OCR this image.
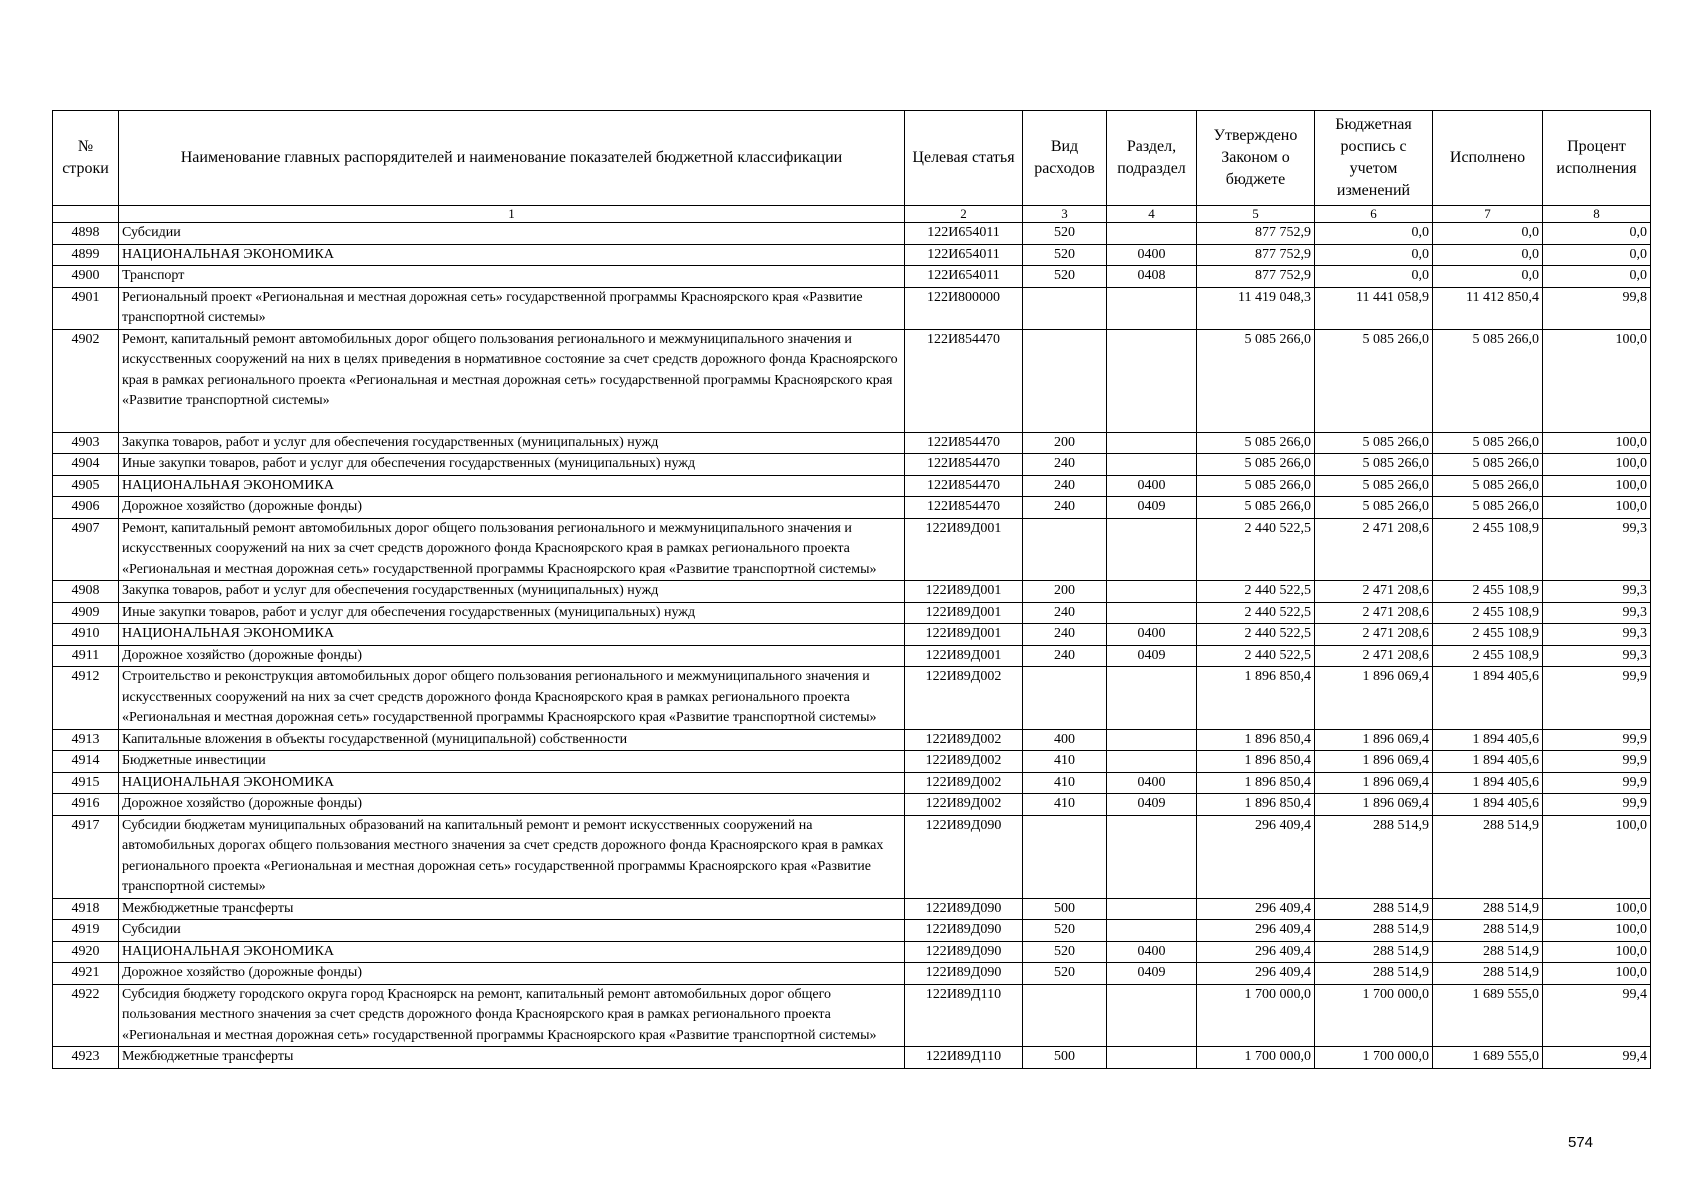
№ строки	Наименование главных распорядителей и наименование показателей бюджетной классификации	Целевая статья	Вид расходов	Раздел, подраздел	Утверждено Законом о бюджете	Бюджетная роспись с учетом изменений	Исполнено	Процент исполнения
	1	2	3	4	5	6	7	8
4898	Субсидии	122И654011	520		877 752,9	0,0	0,0	0,0
4899	НАЦИОНАЛЬНАЯ ЭКОНОМИКА	122И654011	520	0400	877 752,9	0,0	0,0	0,0
4900	Транспорт	122И654011	520	0408	877 752,9	0,0	0,0	0,0
4901	Региональный проект «Региональная и местная дорожная сеть» государственной программы Красноярского края «Развитие транспортной системы»	122И800000			11 419 048,3	11 441 058,9	11 412 850,4	99,8
4902	Ремонт, капитальный ремонт автомобильных дорог общего пользования регионального и межмуниципального значения и искусственных сооружений на них в целях приведения в нормативное состояние за счет средств дорожного фонда Красноярского края в рамках регионального проекта «Региональная и местная дорожная сеть» государственной программы Красноярского края «Развитие транспортной системы»	122И854470			5 085 266,0	5 085 266,0	5 085 266,0	100,0
4903	Закупка товаров, работ и услуг для обеспечения государственных (муниципальных) нужд	122И854470	200		5 085 266,0	5 085 266,0	5 085 266,0	100,0
4904	Иные закупки товаров, работ и услуг для обеспечения государственных (муниципальных) нужд	122И854470	240		5 085 266,0	5 085 266,0	5 085 266,0	100,0
4905	НАЦИОНАЛЬНАЯ ЭКОНОМИКА	122И854470	240	0400	5 085 266,0	5 085 266,0	5 085 266,0	100,0
4906	Дорожное хозяйство (дорожные фонды)	122И854470	240	0409	5 085 266,0	5 085 266,0	5 085 266,0	100,0
4907	Ремонт, капитальный ремонт автомобильных дорог общего пользования регионального и межмуниципального значения и искусственных сооружений на них за счет средств дорожного фонда Красноярского края в рамках регионального проекта «Региональная и местная дорожная сеть» государственной программы Красноярского края «Развитие транспортной системы»	122И89Д001			2 440 522,5	2 471 208,6	2 455 108,9	99,3
4908	Закупка товаров, работ и услуг для обеспечения государственных (муниципальных) нужд	122И89Д001	200		2 440 522,5	2 471 208,6	2 455 108,9	99,3
4909	Иные закупки товаров, работ и услуг для обеспечения государственных (муниципальных) нужд	122И89Д001	240		2 440 522,5	2 471 208,6	2 455 108,9	99,3
4910	НАЦИОНАЛЬНАЯ ЭКОНОМИКА	122И89Д001	240	0400	2 440 522,5	2 471 208,6	2 455 108,9	99,3
4911	Дорожное хозяйство (дорожные фонды)	122И89Д001	240	0409	2 440 522,5	2 471 208,6	2 455 108,9	99,3
4912	Строительство и реконструкция автомобильных дорог общего пользования регионального и межмуниципального значения и искусственных сооружений на них за счет средств дорожного фонда Красноярского края в рамках регионального проекта «Региональная и местная дорожная сеть» государственной программы Красноярского края «Развитие транспортной системы»	122И89Д002			1 896 850,4	1 896 069,4	1 894 405,6	99,9
4913	Капитальные вложения в объекты государственной (муниципальной) собственности	122И89Д002	400		1 896 850,4	1 896 069,4	1 894 405,6	99,9
4914	Бюджетные инвестиции	122И89Д002	410		1 896 850,4	1 896 069,4	1 894 405,6	99,9
4915	НАЦИОНАЛЬНАЯ ЭКОНОМИКА	122И89Д002	410	0400	1 896 850,4	1 896 069,4	1 894 405,6	99,9
4916	Дорожное хозяйство (дорожные фонды)	122И89Д002	410	0409	1 896 850,4	1 896 069,4	1 894 405,6	99,9
4917	Субсидии бюджетам муниципальных образований на капитальный ремонт и ремонт искусственных сооружений на автомобильных дорогах общего пользования местного значения за счет средств дорожного фонда Красноярского края в рамках регионального проекта «Региональная и местная дорожная сеть» государственной программы Красноярского края «Развитие транспортной системы»	122И89Д090			296 409,4	288 514,9	288 514,9	100,0
4918	Межбюджетные трансферты	122И89Д090	500		296 409,4	288 514,9	288 514,9	100,0
4919	Субсидии	122И89Д090	520		296 409,4	288 514,9	288 514,9	100,0
4920	НАЦИОНАЛЬНАЯ ЭКОНОМИКА	122И89Д090	520	0400	296 409,4	288 514,9	288 514,9	100,0
4921	Дорожное хозяйство (дорожные фонды)	122И89Д090	520	0409	296 409,4	288 514,9	288 514,9	100,0
4922	Субсидия бюджету городского округа город Красноярск на ремонт, капитальный ремонт автомобильных дорог общего пользования местного значения за счет средств дорожного фонда Красноярского края в рамках регионального проекта «Региональная и местная дорожная сеть» государственной программы Красноярского края «Развитие транспортной системы»	122И89Д110			1 700 000,0	1 700 000,0	1 689 555,0	99,4
4923	Межбюджетные трансферты	122И89Д110	500		1 700 000,0	1 700 000,0	1 689 555,0	99,4
574
